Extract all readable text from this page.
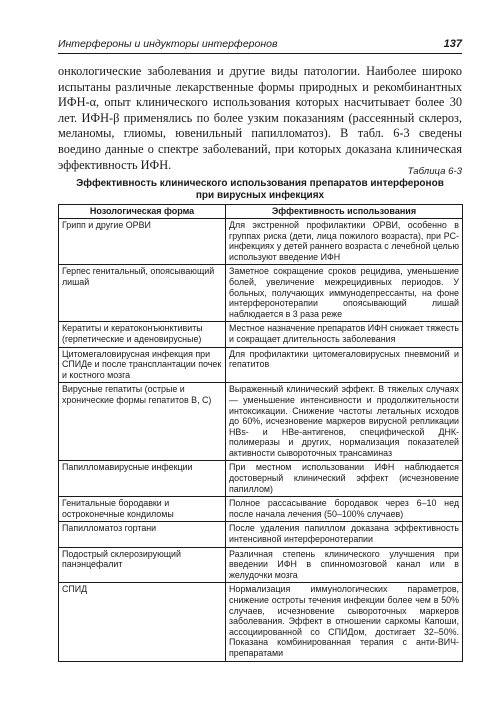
Интерфероны и индукторы интерферонов	137

онкологические заболевания и другие виды патологии. Наиболее широко испытаны различные лекарственные формы природных и рекомбинантных ИФН-α, опыт клинического использования которых насчитывает более 30 лет. ИФН-β применялись по более узким показаниям (рассеянный склероз, меланомы, глиомы, ювенильный папилломатоз). В табл. 6-3 сведены воедино данные о спектре заболеваний, при которых доказана клиническая эффективность ИФН.	Таблица 6-3
Эффективность клинического использования препаратов интерферонов
при вирусных инфекциях
Нозологическая форма	Эффективность использования
Грипп и другие ОРВИ	Для экстренной профилактики ОРВИ, особенно в группах риска (дети, лица пожилого возраста), при РС-инфекциях у детей раннего возраста с лечебной целью используют введение ИФН
Герпес генитальный, опоясывающий лишай	Заметное сокращение сроков рецидива, уменьшение болей, увеличение межрецидивных периодов. У больных, получающих иммунодепрессанты, на фоне интерферонотерапии опоясывающий лишай наблюдается в 3 раза реже
Кератиты и кератоконъюнктивиты (герпетические и аденовирусные)	Местное назначение препаратов ИФН снижает тяжесть и сокращает длительность заболевания
Цитомегаловирусная инфекция при СПИДе и после трансплантации почек и костного мозга	Для профилактики цитомегаловирусных пневмоний и гепатитов
Вирусные гепатиты (острые и хронические формы гепатитов В, С)	Выраженный клинический эффект. В тяжелых случаях — уменьшение интенсивности и продолжительности интоксикации. Снижение частоты летальных исходов до 60%, исчезновение маркеров вирусной репликации HBs- и HBe-антигенов, специфической ДНК-полимеразы и других, нормализация показателей активности сывороточных трансаминаз
Папилломавирусные инфекции	При местном использовании ИФН наблюдается достоверный клинический эффект (исчезновение папиллом)
Генитальные бородавки и остроконечные кондиломы	Полное рассасывание бородавок через 6–10 нед после начала лечения (50–100% случаев)
Папилломатоз гортани	После удаления папиллом доказана эффективность интенсивной интерферонотерапии
Подострый склерозирующий панэнцефалит	Различная степень клинического улучшения при введении ИФН в спинномозговой канал или в желудочки мозга
СПИД	Нормализация иммунологических параметров, снижение остроты течения инфекции более чем в 50% случаев, исчезновение сывороточных маркеров заболевания. Эффект в отношении саркомы Капоши, ассоциированной со СПИДом, достигает 32–50%. Показана комбинированная терапия с анти-ВИЧ-препаратами
